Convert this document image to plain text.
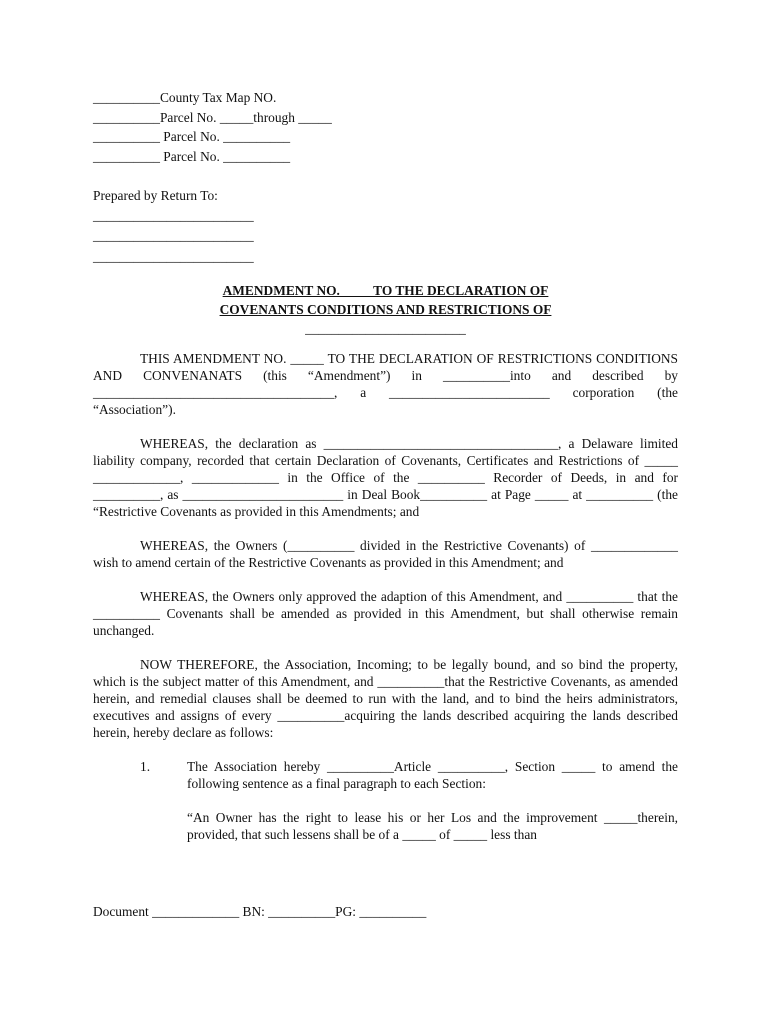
__________County Tax Map NO.
__________Parcel No. _____through _____
__________ Parcel No. __________
__________ Parcel No. __________
Prepared by Return To:
________________________
________________________
________________________
AMENDMENT NO.          TO THE DECLARATION OF
COVENANTS CONDITIONS AND RESTRICTIONS OF
________________________

THIS AMENDMENT NO. _____ TO THE DECLARATION OF RESTRICTIONS CONDITIONS AND CONVENANATS (this “Amendment”) in __________into and described by ____________________________________, a ________________________ corporation (the “Association”).

WHEREAS, the declaration as ___________________________________, a Delaware limited liability company, recorded that certain Declaration of Covenants, Certificates and Restrictions of _____ _____________, _____________ in the Office of the __________ Recorder of Deeds, in and for __________, as ________________________ in Deal Book__________ at Page _____ at __________ (the “Restrictive Covenants as provided in this Amendments; and

WHEREAS, the Owners (__________ divided in the Restrictive Covenants) of _____________ wish to amend certain of the Restrictive Covenants as provided in this Amendment; and

WHEREAS, the Owners only approved the adaption of this Amendment, and __________ that the __________ Covenants shall be amended as provided in this Amendment, but shall otherwise remain unchanged.

NOW THEREFORE, the Association, Incoming; to be legally bound, and so bind the property, which is the subject matter of this Amendment, and __________that the Restrictive Covenants, as amended herein, and remedial clauses shall be deemed to run with the land, and to bind the heirs administrators, executives and assigns of every __________acquiring the lands described acquiring the lands described herein, hereby declare as follows:

1.	The Association hereby __________Article __________, Section _____ to amend the following sentence as a final paragraph to each Section:
“An Owner has the right to lease his or her Los and the improvement _____therein, provided, that such lessens shall be of a _____ of _____ less than
Document _____________ BN: __________PG: __________
